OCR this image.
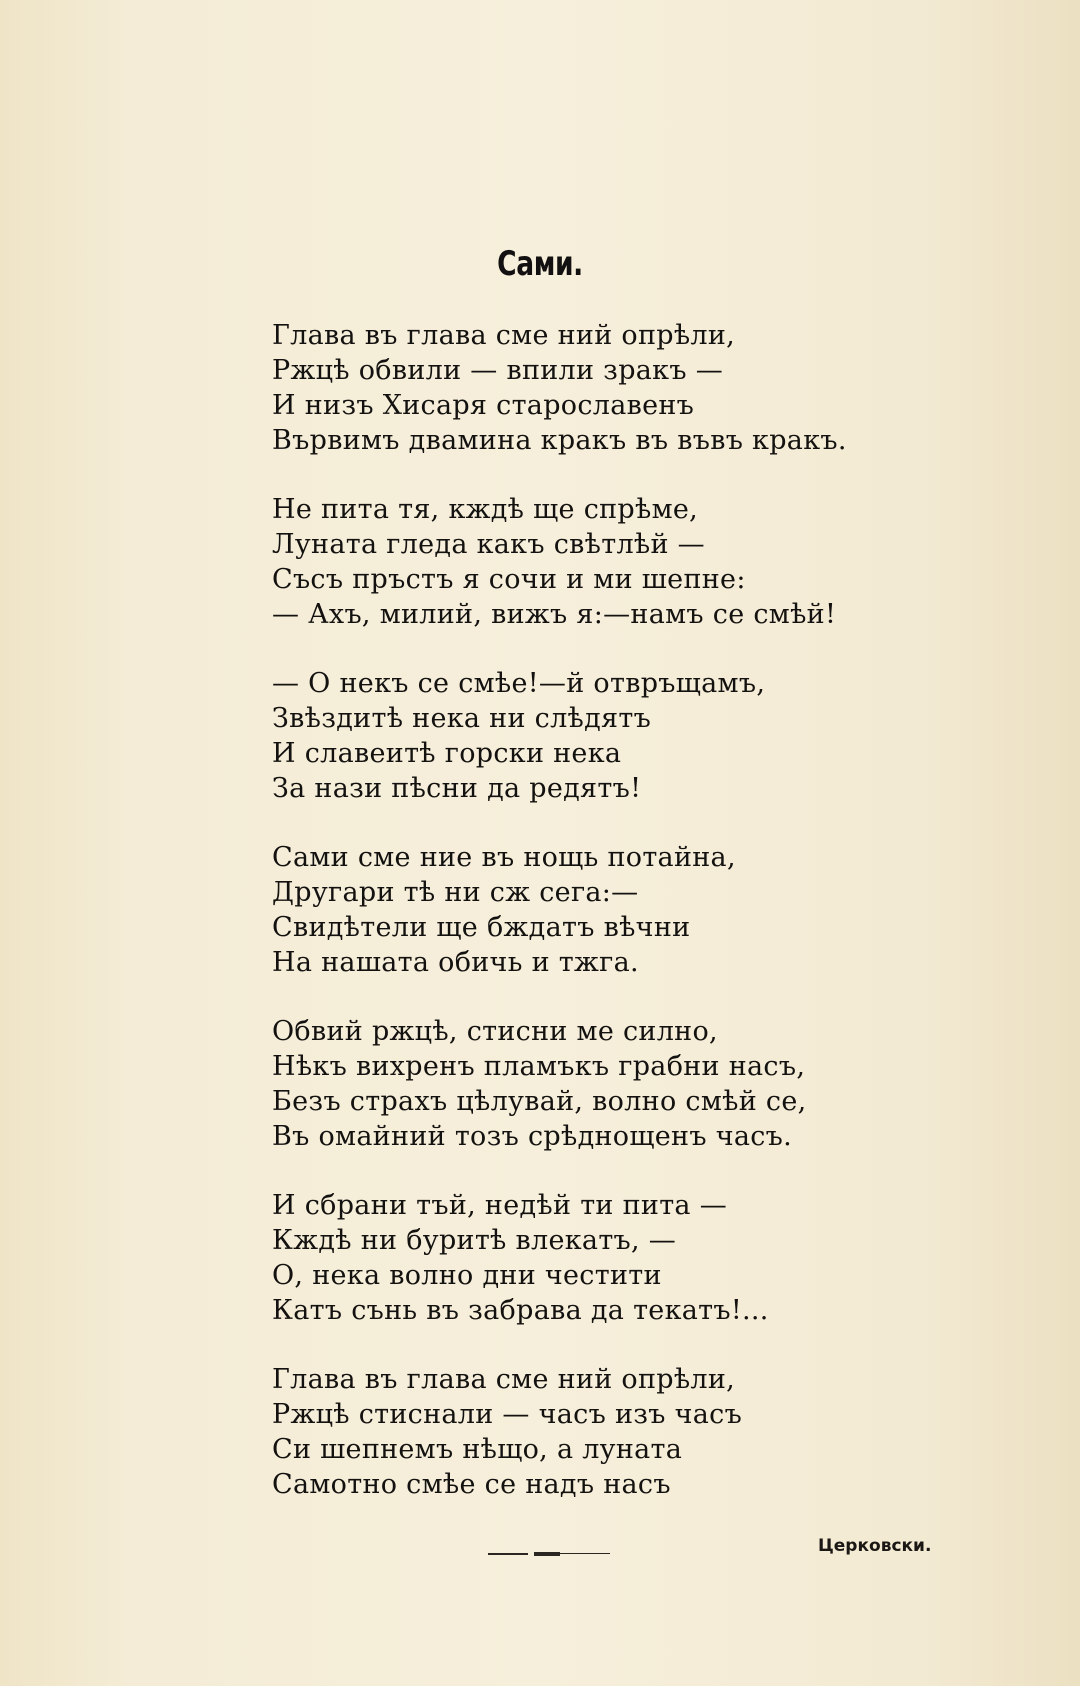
Сами.
Глава въ глава сме ний опрѣли,
Ржцѣ обвили — впили зракъ —
И низъ Хисаря старославенъ
Вървимъ двамина кракъ въ въвъ кракъ.
Не пита тя, кждѣ ще спрѣме,
Луната гледа какъ свѣтлѣй —
Съсъ пръстъ я сочи и ми шепне:
— Ахъ, милий, вижъ я:—намъ се смѣй!
— О некъ се смѣе!—й отвръщамъ,
Звѣздитѣ нека ни слѣдятъ
И славеитѣ горски нека
За нази пѣсни да редятъ!
Сами сме ние въ нощь потайна,
Другари тѣ ни сж сега:—
Свидѣтели ще бждатъ вѣчни
На нашата обичь и тжга.
Обвий ржцѣ, стисни ме силно,
Нѣкъ вихренъ пламъкъ грабни насъ,
Безъ страхъ цѣлувай, волно смѣй се,
Въ омайний тозъ срѣднощенъ часъ.
И сбрани тъй, недѣй ти пита —
Кждѣ ни буритѣ влекатъ, —
О, нека волно дни честити
Катъ сънь въ забрава да текатъ!...
Глава въ глава сме ний опрѣли,
Ржцѣ стиснали — часъ изъ часъ
Си шепнемъ нѣщо, а луната
Самотно смѣе се надъ насъ
Церковски.
